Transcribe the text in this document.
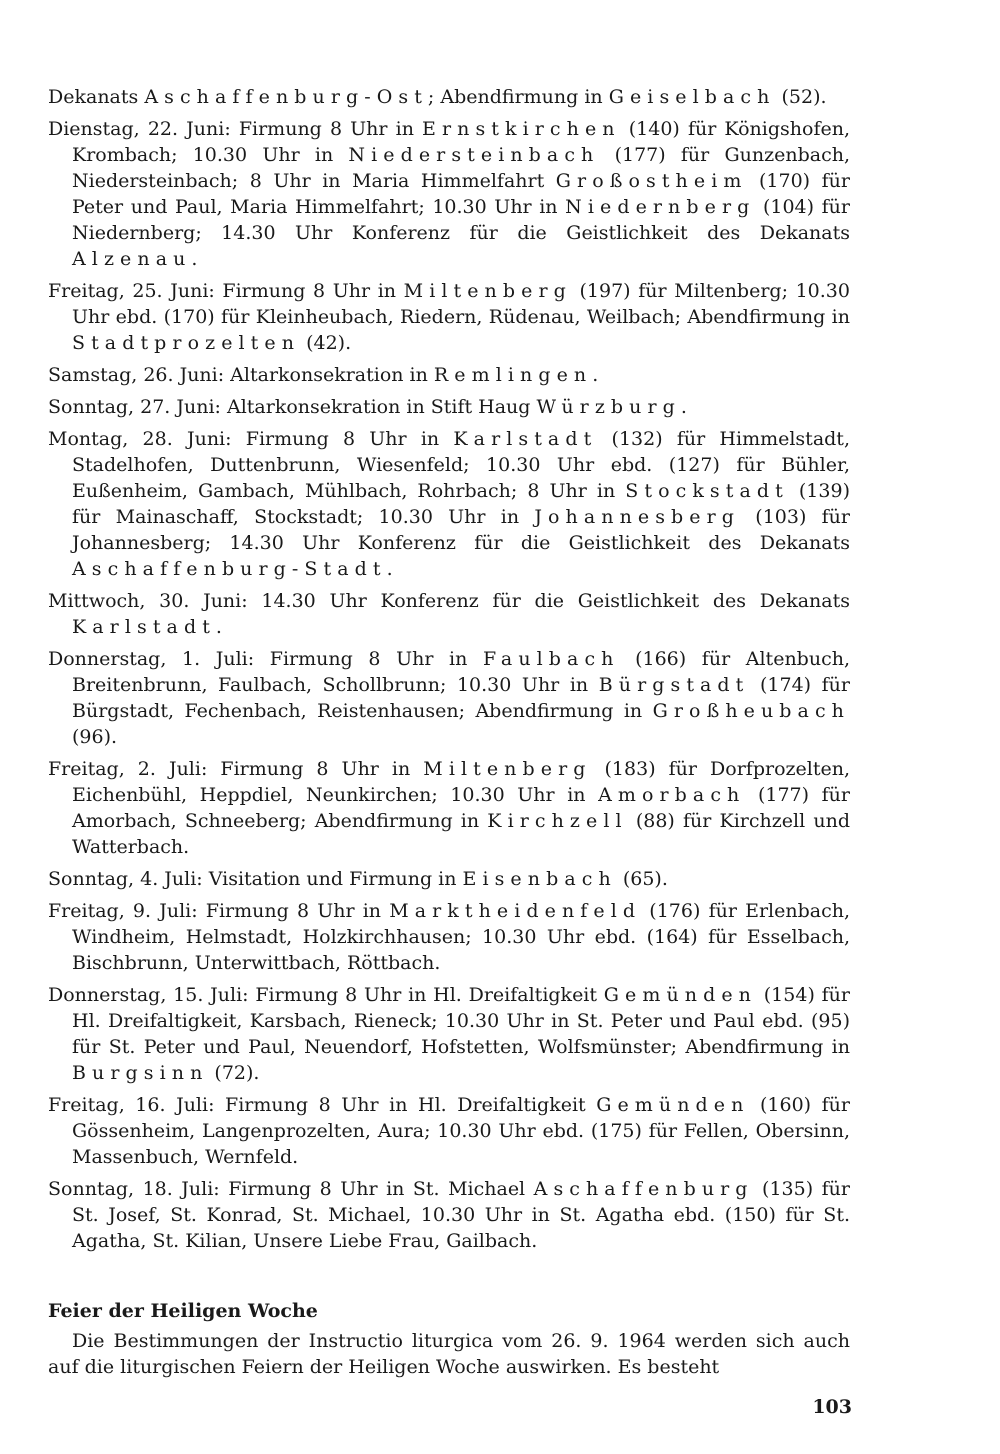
Dekanats Aschaffenburg-Ost; Abendfirmung in Geiselbach (52).

Dienstag, 22. Juni: Firmung 8 Uhr in Ernstkirchen (140) für Königshofen, Krombach; 10.30 Uhr in Niedersteinbach (177) für Gunzenbach, Niedersteinbach; 8 Uhr in Maria Himmelfahrt Großostheim (170) für Peter und Paul, Maria Himmelfahrt; 10.30 Uhr in Niedernberg (104) für Niedernberg; 14.30 Uhr Konferenz für die Geistlichkeit des Dekanats Alzenau.

Freitag, 25. Juni: Firmung 8 Uhr in Miltenberg (197) für Miltenberg; 10.30 Uhr ebd. (170) für Kleinheubach, Riedern, Rüdenau, Weilbach; Abendfirmung in Stadtprozelten (42).

Samstag, 26. Juni: Altarkonsekration in Remlingen.

Sonntag, 27. Juni: Altarkonsekration in Stift Haug Würzburg.

Montag, 28. Juni: Firmung 8 Uhr in Karlstadt (132) für Himmelstadt, Stadelhofen, Duttenbrunn, Wiesenfeld; 10.30 Uhr ebd. (127) für Bühler, Eußenheim, Gambach, Mühlbach, Rohrbach; 8 Uhr in Stockstadt (139) für Mainaschaff, Stockstadt; 10.30 Uhr in Johannesberg (103) für Johannesberg; 14.30 Uhr Konferenz für die Geistlichkeit des Dekanats Aschaffenburg-Stadt.

Mittwoch, 30. Juni: 14.30 Uhr Konferenz für die Geistlichkeit des Dekanats Karlstadt.

Donnerstag, 1. Juli: Firmung 8 Uhr in Faulbach (166) für Altenbuch, Breitenbrunn, Faulbach, Schollbrunn; 10.30 Uhr in Bürgstadt (174) für Bürgstadt, Fechenbach, Reistenhausen; Abendfirmung in Großheubach (96).

Freitag, 2. Juli: Firmung 8 Uhr in Miltenberg (183) für Dorfprozelten, Eichenbühl, Heppdiel, Neunkirchen; 10.30 Uhr in Amorbach (177) für Amorbach, Schneeberg; Abendfirmung in Kirchzell (88) für Kirchzell und Watterbach.

Sonntag, 4. Juli: Visitation und Firmung in Eisenbach (65).

Freitag, 9. Juli: Firmung 8 Uhr in Marktheidenfeld (176) für Erlenbach, Windheim, Helmstadt, Holzkirchhausen; 10.30 Uhr ebd. (164) für Esselbach, Bischbrunn, Unterwittbach, Röttbach.

Donnerstag, 15. Juli: Firmung 8 Uhr in Hl. Dreifaltigkeit Gemünden (154) für Hl. Dreifaltigkeit, Karsbach, Rieneck; 10.30 Uhr in St. Peter und Paul ebd. (95) für St. Peter und Paul, Neuendorf, Hofstetten, Wolfsmünster; Abendfirmung in Burgsinn (72).

Freitag, 16. Juli: Firmung 8 Uhr in Hl. Dreifaltigkeit Gemünden (160) für Gössenheim, Langenprozelten, Aura; 10.30 Uhr ebd. (175) für Fellen, Obersinn, Massenbuch, Wernfeld.

Sonntag, 18. Juli: Firmung 8 Uhr in St. Michael Aschaffenburg (135) für St. Josef, St. Konrad, St. Michael, 10.30 Uhr in St. Agatha ebd. (150) für St. Agatha, St. Kilian, Unsere Liebe Frau, Gailbach.

Feier der Heiligen Woche

Die Bestimmungen der Instructio liturgica vom 26. 9. 1964 werden sich auch auf die liturgischen Feiern der Heiligen Woche auswirken. Es besteht

103
